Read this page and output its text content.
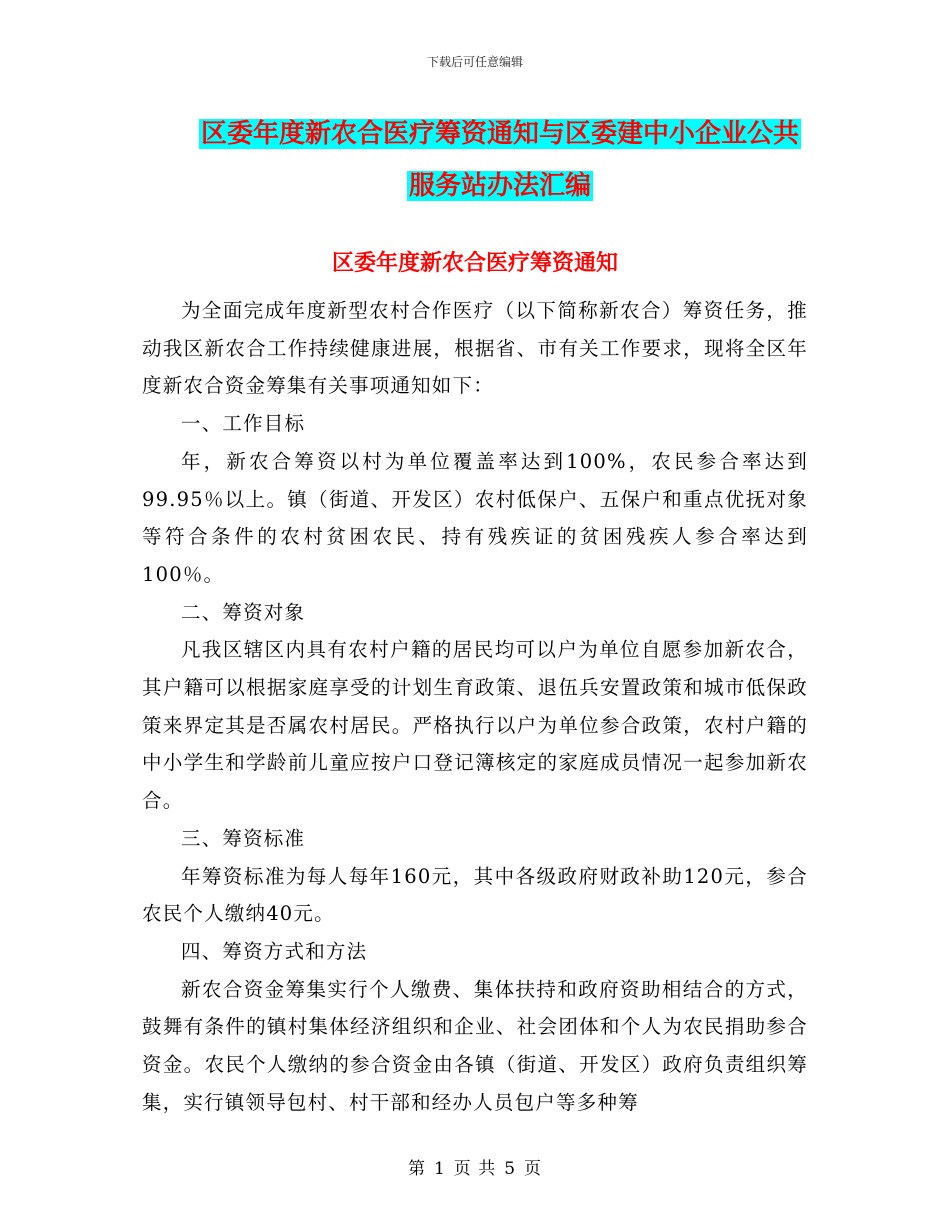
下载后可任意编辑
区委年度新农合医疗筹资通知与区委建中小企业公共
服务站办法汇编
区委年度新农合医疗筹资通知

为全面完成年度新型农村合作医疗（以下简称新农合）筹资任务，推动我区新农合工作持续健康进展，根据省、市有关工作要求，现将全区年度新农合资金筹集有关事项通知如下：

一、工作目标

年，新农合筹资以村为单位覆盖率达到100%，农民参合率达到99.95％以上。镇（街道、开发区）农村低保户、五保户和重点优抚对象等符合条件的农村贫困农民、持有残疾证的贫困残疾人参合率达到100％。

二、筹资对象

凡我区辖区内具有农村户籍的居民均可以户为单位自愿参加新农合，其户籍可以根据家庭享受的计划生育政策、退伍兵安置政策和城市低保政策来界定其是否属农村居民。严格执行以户为单位参合政策，农村户籍的中小学生和学龄前儿童应按户口登记簿核定的家庭成员情况一起参加新农合。

三、筹资标准

年筹资标准为每人每年160元，其中各级政府财政补助120元，参合农民个人缴纳40元。

四、筹资方式和方法

新农合资金筹集实行个人缴费、集体扶持和政府资助相结合的方式，鼓舞有条件的镇村集体经济组织和企业、社会团体和个人为农民捐助参合资金。农民个人缴纳的参合资金由各镇（街道、开发区）政府负责组织筹集，实行镇领导包村、村干部和经办人员包户等多种筹

第 1 页 共 5 页
